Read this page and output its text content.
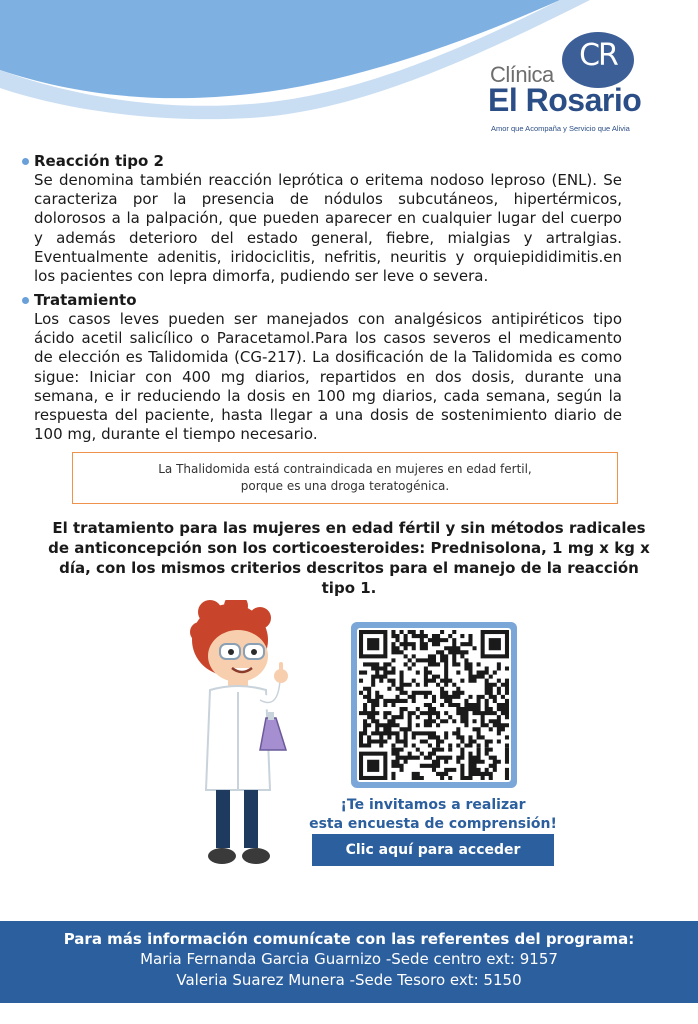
CR
Clínica
El Rosario
Amor que Acompaña y Servicio que Alivia
Reacción tipo 2

Se denomina también reacción leprótica o eritema nodoso leproso (ENL). Se caracteriza por la presencia de nódulos subcutáneos, hipertérmicos, dolorosos a la palpación, que pueden aparecer en cualquier lugar del cuerpo y además deterioro del estado general, fiebre, mialgias y artralgias. Eventualmente adenitis, iridociclitis, nefritis, neuritis y orquiepididimitis.en los pacientes con lepra dimorfa, pudiendo ser leve o severa.

Tratamiento

Los casos leves pueden ser manejados con analgésicos antipiréticos tipo ácido acetil salicílico o Paracetamol.Para los casos severos el medicamento de elección es Talidomida (CG-217). La dosificación de la Talidomida es como sigue: Iniciar con 400 mg diarios, repartidos en dos dosis, durante una semana, e ir reduciendo la dosis en 100 mg diarios, cada semana, según la respuesta del paciente, hasta llegar a una dosis de sostenimiento diario de 100 mg, durante el tiempo necesario.

La Thalidomida está contraindicada en mujeres en edad fertil,
porque es una droga teratogénica.
El tratamiento para las mujeres en edad fértil y sin métodos radicales de anticoncepción son los corticoesteroides: Prednisolona, 1 mg x kg x día, con los mismos criterios descritos para el manejo de la reacción tipo 1.
¡Te invitamos a realizar
esta encuesta de comprensión!
Clic aquí para acceder
Para más información comunícate con las referentes del programa:
Maria Fernanda Garcia Guarnizo -Sede centro ext: 9157
Valeria Suarez Munera -Sede Tesoro ext: 5150
